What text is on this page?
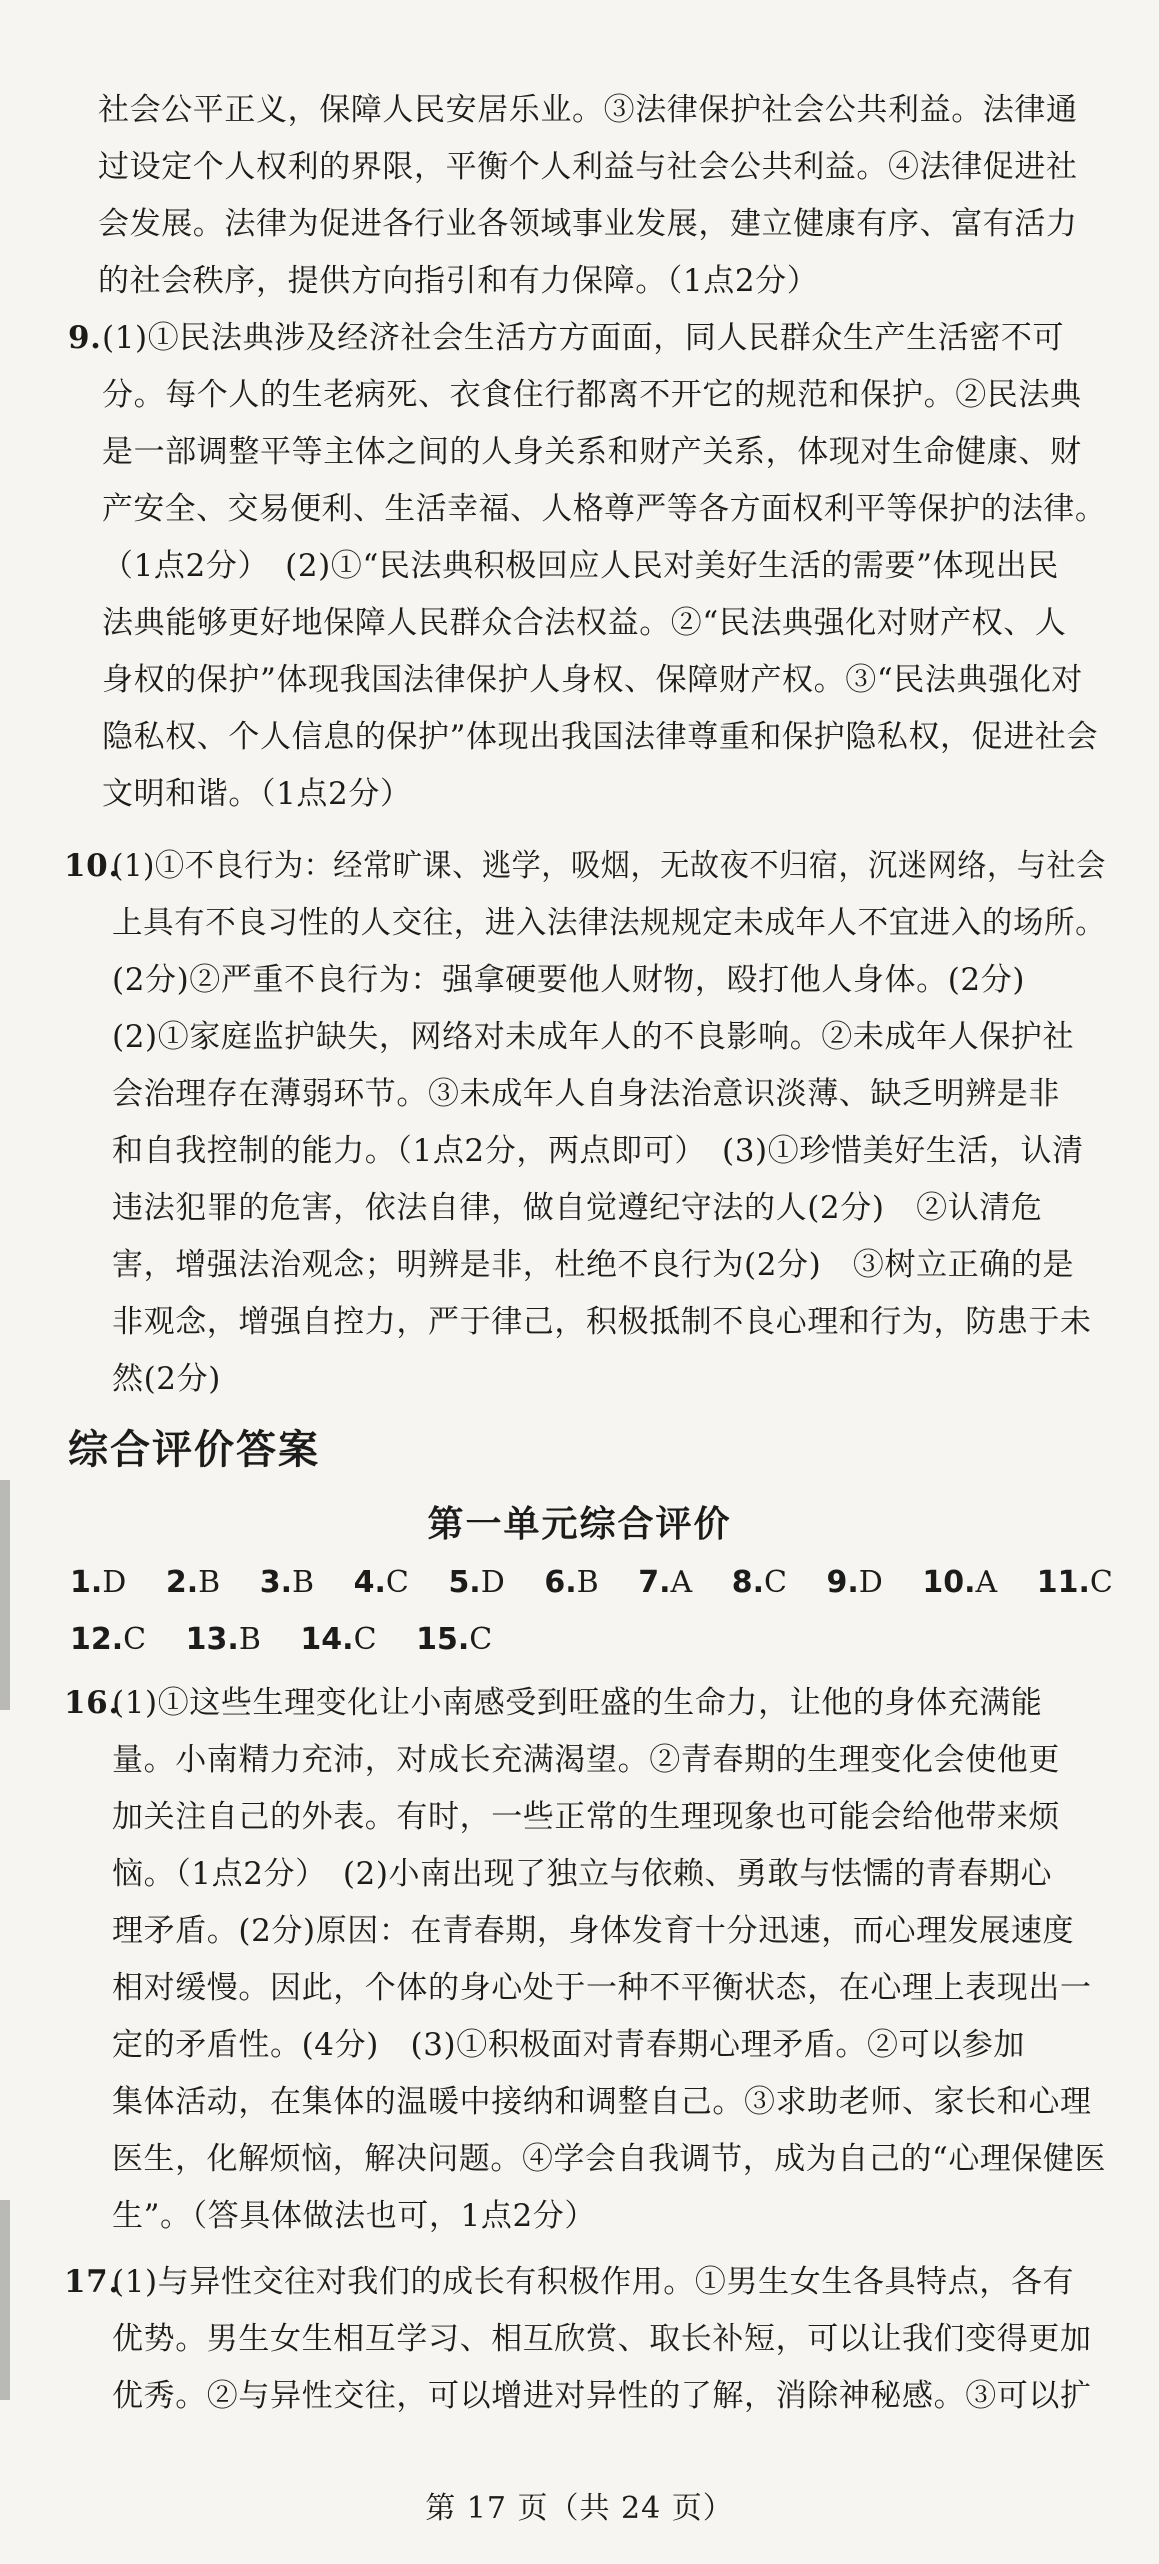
社会公平正义，保障人民安居乐业。③法律保护社会公共利益。法律通
过设定个人权利的界限，平衡个人利益与社会公共利益。④法律促进社
会发展。法律为促进各行业各领域事业发展，建立健康有序、富有活力
的社会秩序，提供方向指引和有力保障。（1点2分）
9. (1)①民法典涉及经济社会生活方方面面，同人民群众生产生活密不可
分。每个人的生老病死、衣食住行都离不开它的规范和保护。②民法典
是一部调整平等主体之间的人身关系和财产关系，体现对生命健康、财
产安全、交易便利、生活幸福、人格尊严等各方面权利平等保护的法律。
（1点2分）　(2)①“民法典积极回应人民对美好生活的需要”体现出民
法典能够更好地保障人民群众合法权益。②“民法典强化对财产权、人
身权的保护”体现我国法律保护人身权、保障财产权。③“民法典强化对
隐私权、个人信息的保护”体现出我国法律尊重和保护隐私权，促进社会
文明和谐。（1点2分）
10.
(1)①不良行为：经常旷课、逃学，吸烟，无故夜不归宿，沉迷网络，与社会
上具有不良习性的人交往，进入法律法规规定未成年人不宜进入的场所。
(2分)②严重不良行为：强拿硬要他人财物，殴打他人身体。(2分)
(2)①家庭监护缺失，网络对未成年人的不良影响。②未成年人保护社
会治理存在薄弱环节。③未成年人自身法治意识淡薄、缺乏明辨是非
和自我控制的能力。（1点2分，两点即可）　(3)①珍惜美好生活，认清
违法犯罪的危害，依法自律，做自觉遵纪守法的人(2分)　②认清危
害，增强法治观念；明辨是非，杜绝不良行为(2分)　③树立正确的是
非观念，增强自控力，严于律己，积极抵制不良心理和行为，防患于未
然(2分)
综合评价答案
第一单元综合评价
1.D 2.B 3.B 4.C 5.D 6.B 7.A 8.C 9.D 10.A 11.C
12.C 13.B 14.C 15.C
16.
(1)①这些生理变化让小南感受到旺盛的生命力，让他的身体充满能
量。小南精力充沛，对成长充满渴望。②青春期的生理变化会使他更
加关注自己的外表。有时，一些正常的生理现象也可能会给他带来烦
恼。（1点2分）　(2)小南出现了独立与依赖、勇敢与怯懦的青春期心
理矛盾。(2分)原因：在青春期，身体发育十分迅速，而心理发展速度
相对缓慢。因此，个体的身心处于一种不平衡状态，在心理上表现出一
定的矛盾性。(4分)　(3)①积极面对青春期心理矛盾。②可以参加
集体活动，在集体的温暖中接纳和调整自己。③求助老师、家长和心理
医生，化解烦恼，解决问题。④学会自我调节，成为自己的“心理保健医
生”。（答具体做法也可，1点2分）
17.
(1)与异性交往对我们的成长有积极作用。①男生女生各具特点，各有
优势。男生女生相互学习、相互欣赏、取长补短，可以让我们变得更加
优秀。②与异性交往，可以增进对异性的了解，消除神秘感。③可以扩
第 17 页（共 24 页）
